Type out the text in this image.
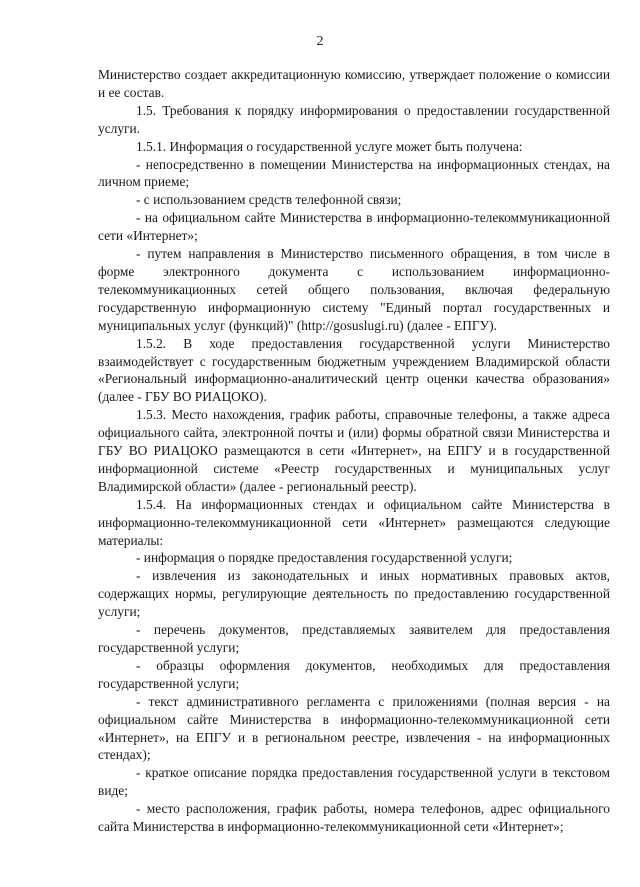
2

Министерство создает аккредитационную комиссию, утверждает положение о комиссии и ее состав.

1.5. Требования к порядку информирования о предоставлении государственной услуги.

1.5.1. Информация о государственной услуге может быть получена:

- непосредственно в помещении Министерства на информационных стендах, на личном приеме;

- с использованием средств телефонной связи;

- на официальном сайте Министерства в информационно-телекоммуникационной сети «Интернет»;

- путем направления в Министерство письменного обращения, в том числе в форме электронного документа с использованием информационно-телекоммуникационных сетей общего пользования, включая федеральную государственную информационную систему "Единый портал государственных и муниципальных услуг (функций)" (http://gosuslugi.ru) (далее - ЕПГУ).

1.5.2. В ходе предоставления государственной услуги Министерство взаимодействует с государственным бюджетным учреждением Владимирской области «Региональный информационно-аналитический центр оценки качества образования» (далее - ГБУ ВО РИАЦОКО).

1.5.3. Место нахождения, график работы, справочные телефоны, а также адреса официального сайта, электронной почты и (или) формы обратной связи Министерства и ГБУ ВО РИАЦОКО размещаются в сети «Интернет», на ЕПГУ и в государственной информационной системе «Реестр государственных и муниципальных услуг Владимирской области» (далее - региональный реестр).

1.5.4. На информационных стендах и официальном сайте Министерства в информационно-телекоммуникационной сети «Интернет» размещаются следующие материалы:

- информация о порядке предоставления государственной услуги;

- извлечения из законодательных и иных нормативных правовых актов, содержащих нормы, регулирующие деятельность по предоставлению государственной услуги;

- перечень документов, представляемых заявителем для предоставления государственной услуги;

- образцы оформления документов, необходимых для предоставления государственной услуги;

- текст административного регламента с приложениями (полная версия - на официальном сайте Министерства в информационно-телекоммуникационной сети «Интернет», на ЕПГУ и в региональном реестре, извлечения - на информационных стендах);

- краткое описание порядка предоставления государственной услуги в текстовом виде;

- место расположения, график работы, номера телефонов, адрес официального сайта Министерства в информационно-телекоммуникационной сети «Интернет»;
